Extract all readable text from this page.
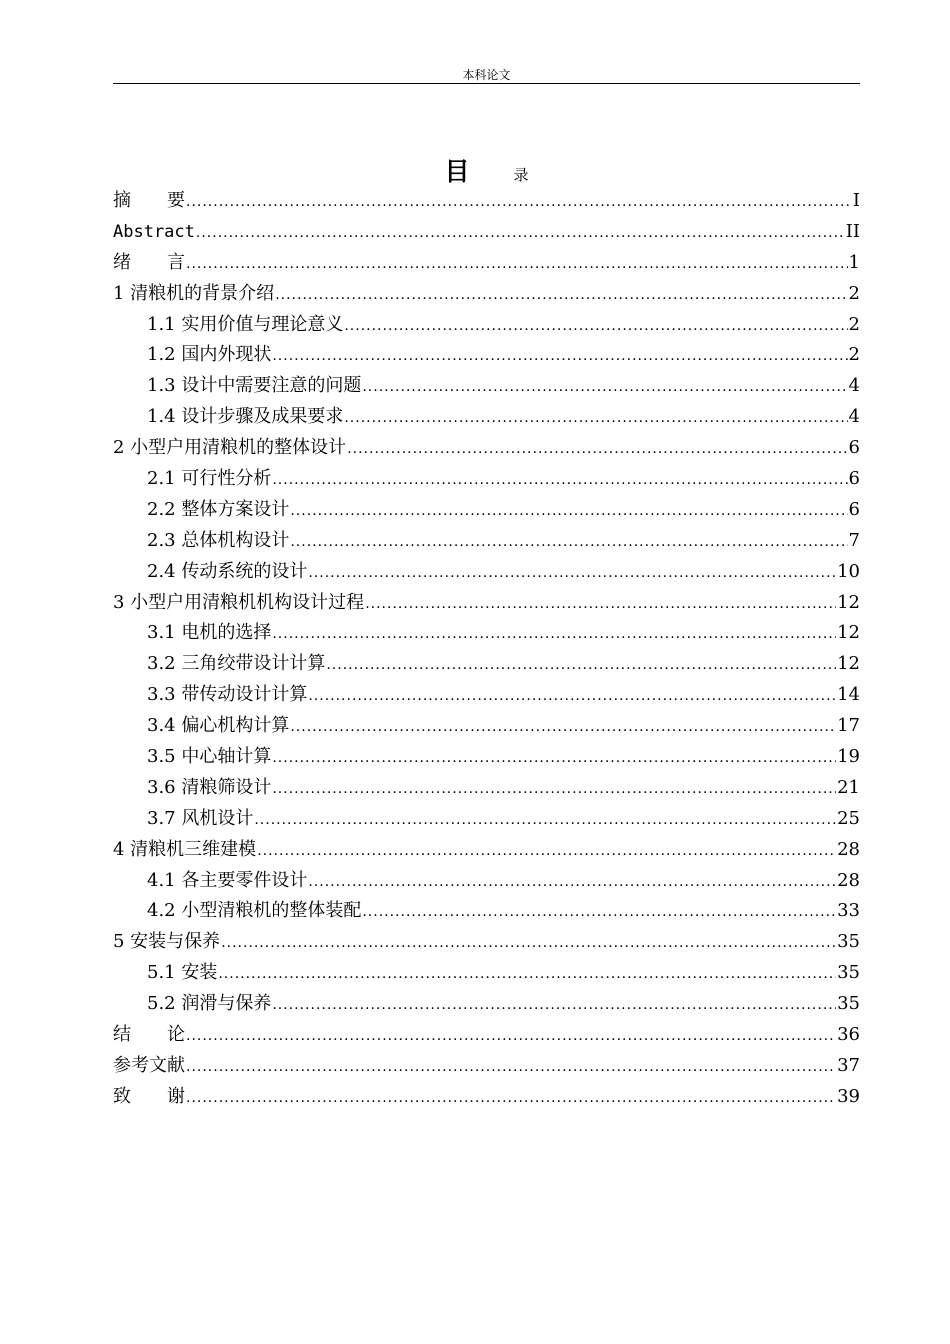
本科论文
目	录
摘　　要 .....	I
Abstract .....	II
绪　　言 .....	1
1 清粮机的背景介绍 .....	2
1.1 实用价值与理论意义 .....	2
1.2 国内外现状 .....	2
1.3 设计中需要注意的问题 .....	4
1.4 设计步骤及成果要求 .....	4
2 小型户用清粮机的整体设计 .....	6
2.1 可行性分析 .....	6
2.2 整体方案设计 .....	6
2.3 总体机构设计 .....	7
2.4 传动系统的设计 .....	10
3 小型户用清粮机机构设计过程 .....	12
3.1 电机的选择 .....	12
3.2 三角绞带设计计算 .....	12
3.3 带传动设计计算 .....	14
3.4 偏心机构计算 .....	17
3.5 中心轴计算 .....	19
3.6 清粮筛设计 .....	21
3.7 风机设计 .....	25
4 清粮机三维建模 .....	28
4.1 各主要零件设计 .....	28
4.2 小型清粮机的整体装配 .....	33
5 安装与保养 .....	35
5.1 安装 .....	35
5.2 润滑与保养 .....	35
结　　论 .....	36
参考文献 .....	37
致　　谢 .....	39
